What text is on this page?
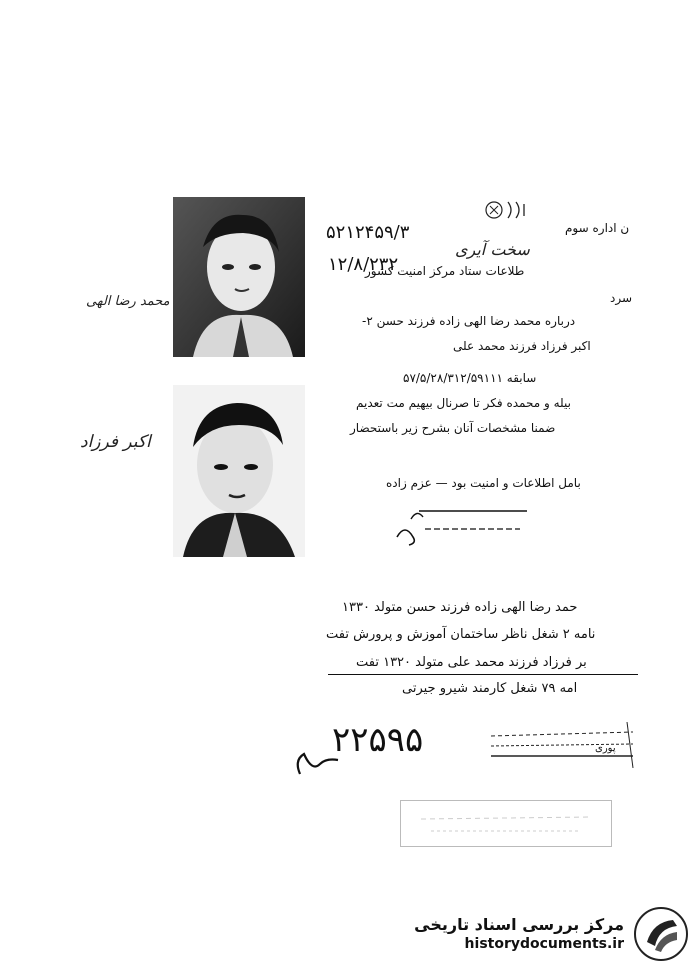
محمد رضا الهی
اکبر فرزاد
ن اداره سوم
۵۲۱۲۴۵۹/۳
۱۲/۸/۲۳۲
سخت آیری
طلاعات ستاد مرکز امنیت کشور
سرد
درباره محمد رضا الهی زاده فرزند حسن ۲-
اکبر فرزاد فرزند محمد علی
سابقه ۵۷/۵/۲۸/۳۱۲/۵۹۱۱۱
بیله و محمده فکر تا صرنال بیهیم مت تعدیم
ضمنا مشخصات آنان بشرح زیر باستحضار
بامل اطلاعات و امنیت بود — عزم زاده
حمد رضا الهی زاده فرزند حسن متولد ۱۳۳۰
نامه ۲ شغل ناظر ساختمان آموزش و پرورش تفت
بر فرزاد فرزند محمد علی متولد ۱۳۲۰ تفت
امه ۷۹ شغل کارمند شیرو جیرتی
پوری
۲۲۵۹۵
مرکز بررسی اسناد تاریخی
historydocuments.ir
